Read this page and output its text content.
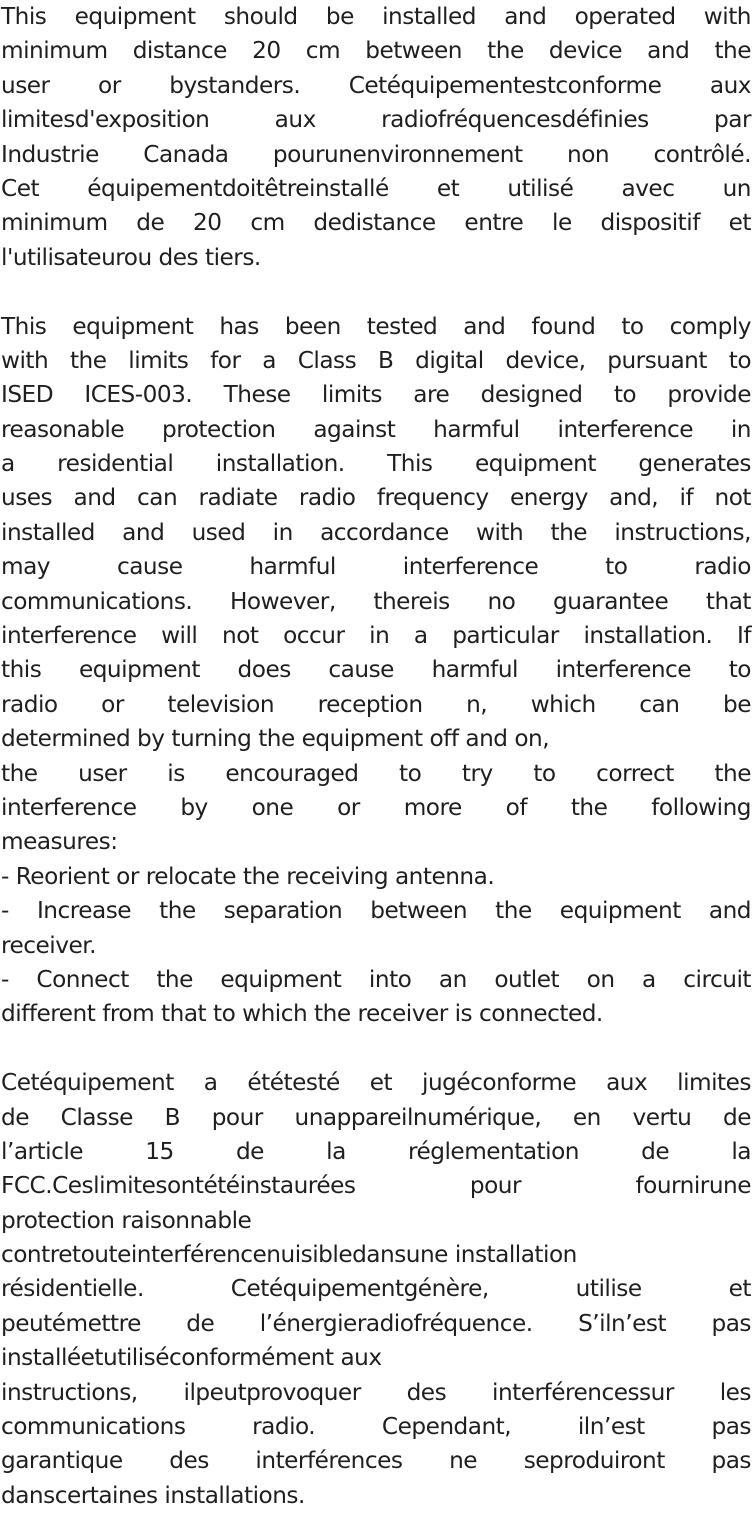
This equipment should be installed and operated with
minimum distance 20 cm between the device and the
user or bystanders. Cetéquipementestconforme aux
limitesd'exposition aux radiofréquencesdéfinies par
Industrie Canada pourunenvironnement non contrôlé.
Cet équipementdoitêtreinstallé et utilisé avec un
minimum de 20 cm dedistance entre le dispositif et
l'utilisateurou des tiers.
This equipment has been tested and found to comply
with the limits for a Class B digital device, pursuant to
ISED ICES-003. These limits are designed to provide
reasonable protection against harmful interference in
a residential installation. This equipment generates
uses and can radiate radio frequency energy and, if not
installed and used in accordance with the instructions,
may cause harmful interference to radio
communications. However, thereis no guarantee that
interference will not occur in a particular installation. If
this equipment does cause harmful interference to
radio or television reception n, which can be
determined by turning the equipment off and on,
the user is encouraged to try to correct the
interference by one or more of the following
measures:
- Reorient or relocate the receiving antenna.
- Increase the separation between the equipment and
receiver.
- Connect the equipment into an outlet on a circuit
different from that to which the receiver is connected.
Cetéquipement a ététesté et jugéconforme aux limites
de Classe B pour unappareilnumérique, en vertu de
l’article 15 de la réglementation de la
FCC.Ceslimitesontétéinstaurées pour fournirune
protection raisonnable
contretouteinterférencenuisibledansune installation
résidentielle. Cetéquipementgénère, utilise et
peutémettre de l’énergieradiofréquence. S’iln’est pas
installéetutiliséconformément aux
instructions, ilpeutprovoquer des interférencessur les
communications radio. Cependant, iln’est pas
garantique des interférences ne seproduiront pas
danscertaines installations.
